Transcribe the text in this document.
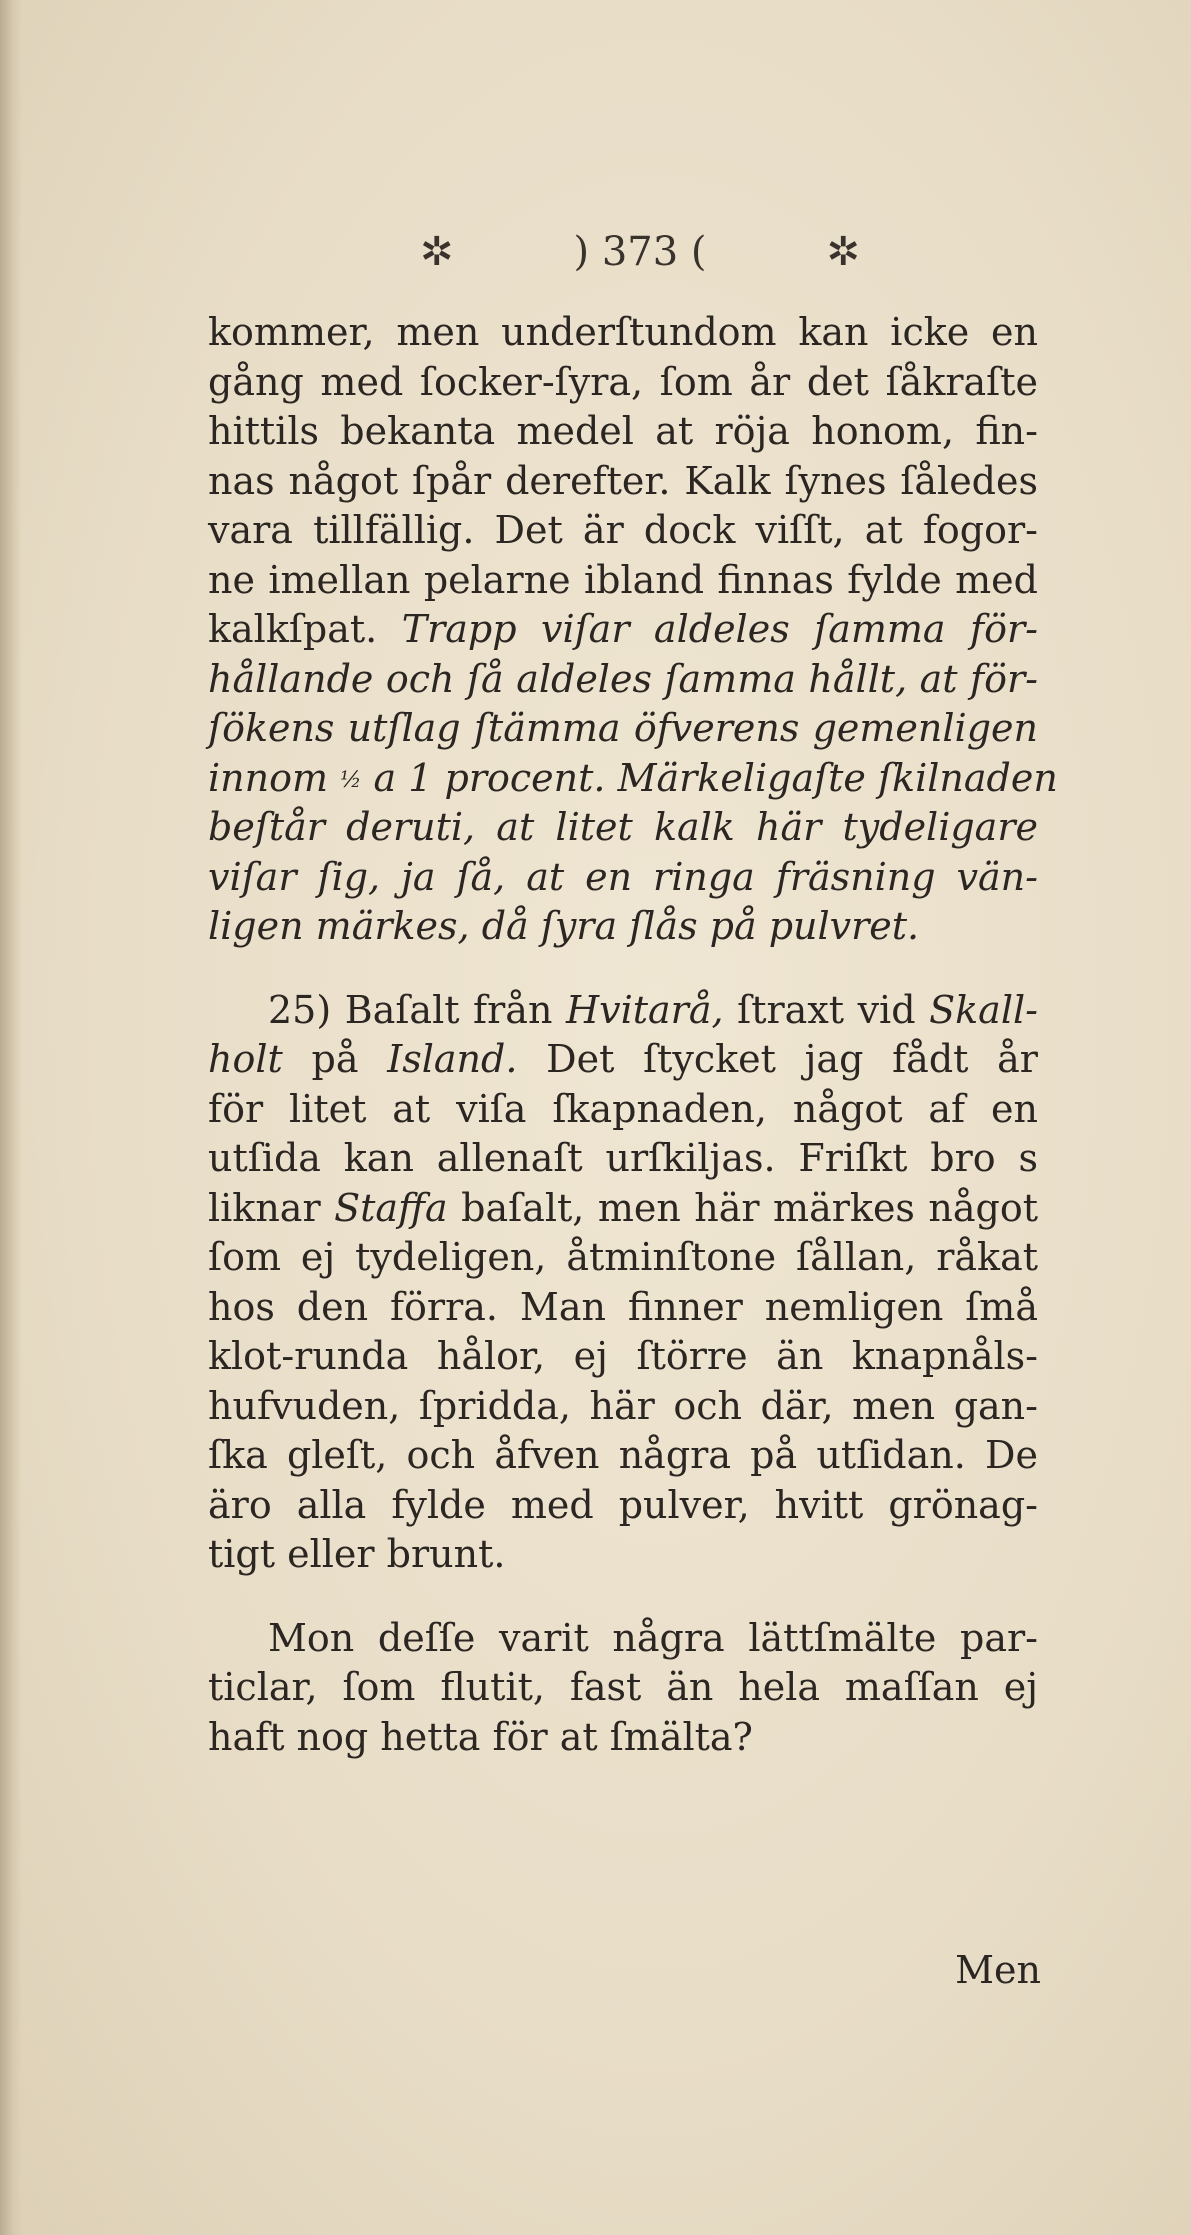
✲	) 373 (	✲
kommer, men underſtundom kan icke en
gång med ſocker-ſyra, ſom år det ſåkraſte
hittils bekanta medel at röja honom, fin-
nas något ſpår derefter. Kalk ſynes ſåledes
vara tillfällig. Det är dock viſſt, at fogor-
ne imellan pelarne ibland finnas fylde med
kalkſpat. Trapp viſar aldeles ſamma för-
hållande och ſå aldeles ſamma hållt, at för-
ſökens utſlag ſtämma öfverens gemenligen
innom ½ a 1 procent. Märkeligaſte ſkilnaden
beſtår deruti, at litet kalk här tydeligare
viſar ſig, ja ſå, at en ringa fräsning vän-
ligen märkes, då ſyra ſlås på pulvret.
25) Baſalt från Hvitarå, ſtraxt vid Skall-
holt på Island. Det ſtycket jag fådt år
för litet at viſa ſkapnaden, något af en
utſida kan allenaſt urſkiljas. Friſkt bro s
liknar Staffa baſalt, men här märkes något
ſom ej tydeligen, åtminſtone ſållan, råkat
hos den förra. Man finner nemligen ſmå
klot-runda hålor, ej ſtörre än knapnåls-
hufvuden, ſpridda, här och där, men gan-
ſka gleſt, och åfven några på utſidan. De
äro alla fylde med pulver, hvitt grönag-
tigt eller brunt.
Mon deſſe varit några lättſmälte par-
ticlar, ſom flutit, fast än hela maſſan ej
haft nog hetta för at ſmälta?
Men
